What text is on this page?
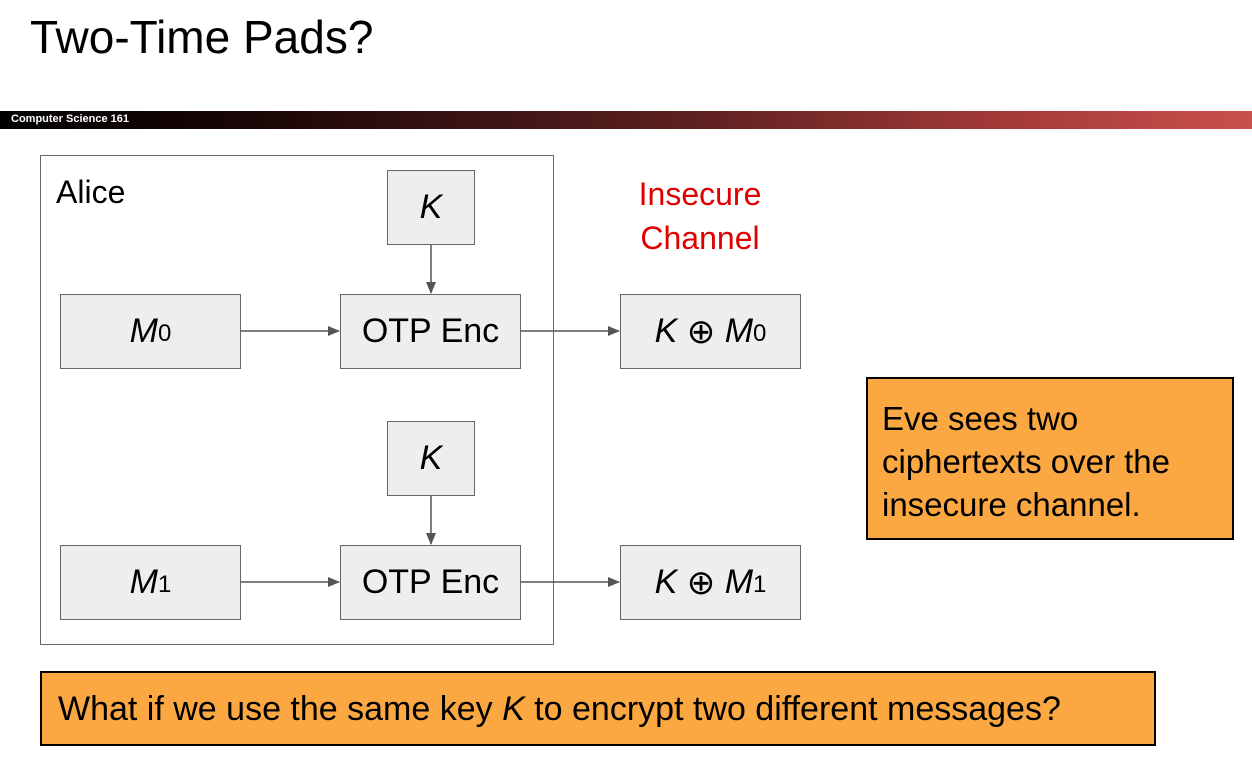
Two-Time Pads?
Computer Science 161
Alice	K
M 0	OTP Enc	K
⊕
M 0
K
M 1	OTP Enc	K
⊕
M 1
Insecure
Channel
Eve sees two
ciphertexts over the
insecure channel.
What if we use the same key K to encrypt two different messages?
